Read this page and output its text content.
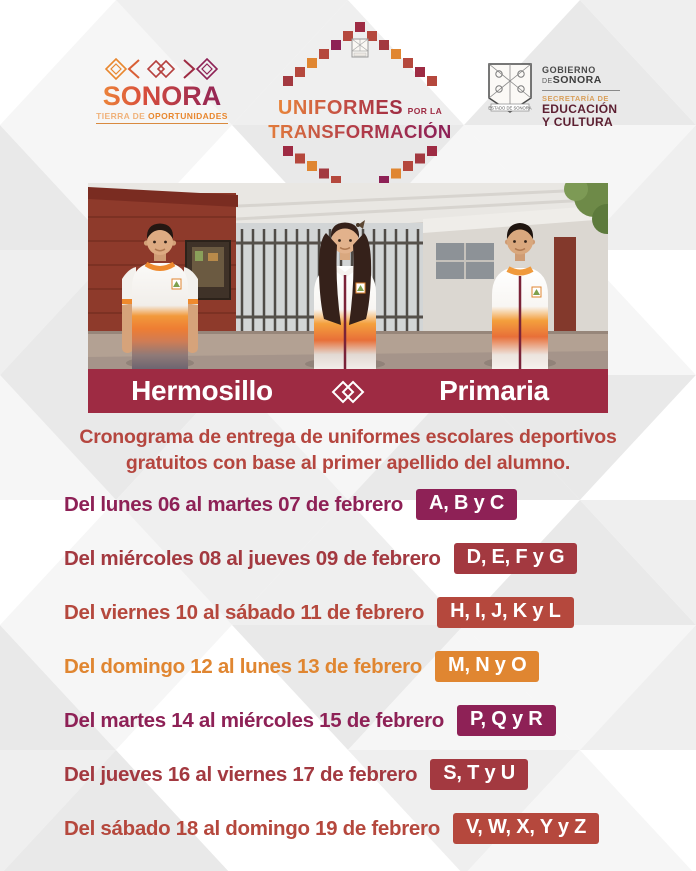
SONORA
TIERRA DE OPORTUNIDADES	UNIFORMES POR LA
TRANSFORMACIÓN
ESTADO DE SONORA
GOBIERNO
DESONORA
SECRETARÍA DE
EDUCACIÓN
Y CULTURA
Hermosillo	Primaria
Cronograma de entrega de uniformes escolares deportivos
gratuitos con base al primer apellido del alumno.
Del lunes 06 al martes 07 de febrero	A, B y C
Del miércoles 08 al jueves 09 de febrero	D, E, F y G
Del viernes 10 al sábado 11 de febrero	H, I, J, K y L
Del domingo 12 al lunes 13 de febrero	M, N y O
Del martes 14 al miércoles 15 de febrero	P, Q y R
Del jueves 16 al viernes 17 de febrero	S, T y U
Del sábado 18 al domingo 19 de febrero	V, W, X, Y y Z
